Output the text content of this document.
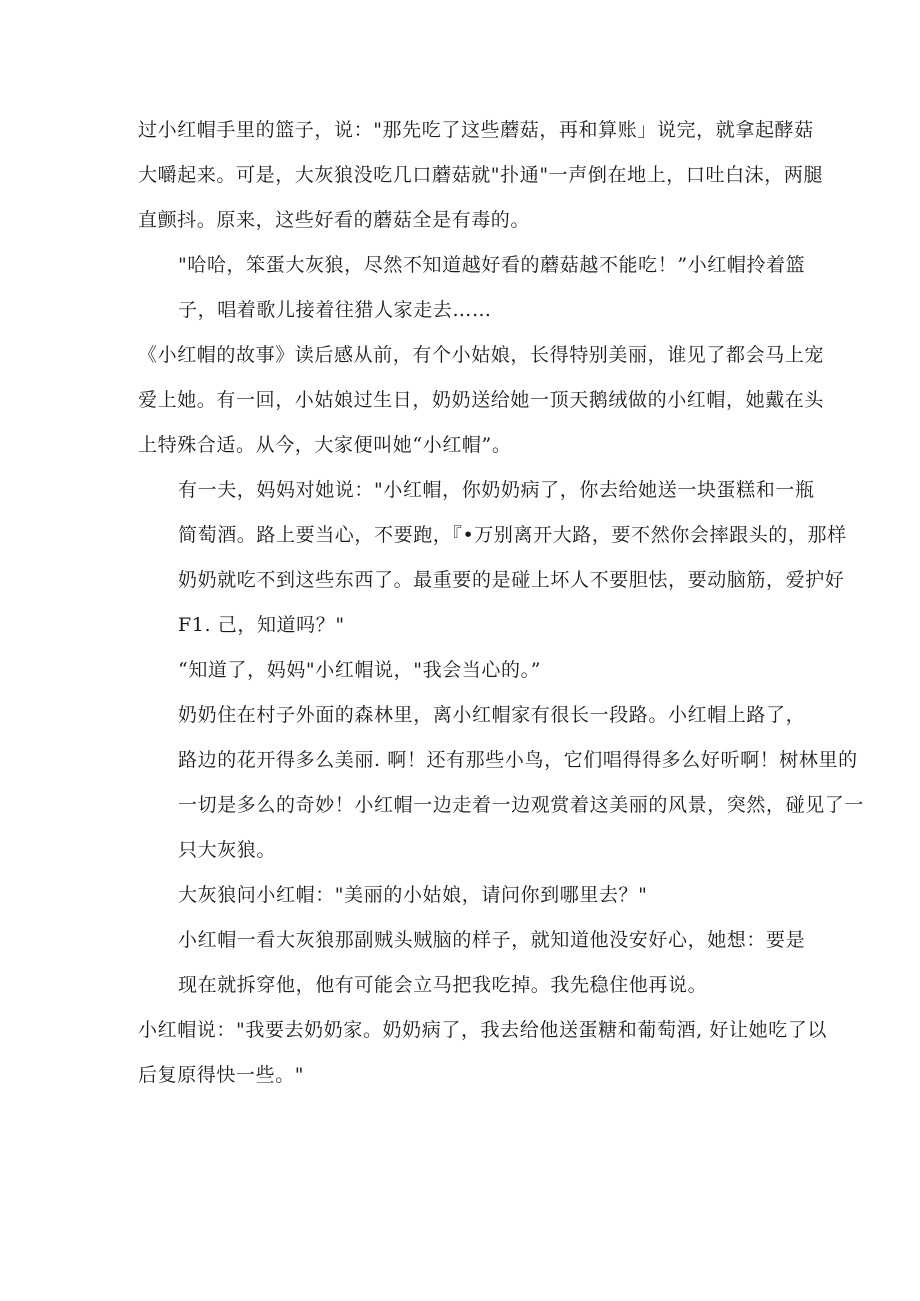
过小红帽手里的篮子，说："那先吃了这些蘑菇，再和算账」说完，就拿起酵菇
大嚼起来。可是，大灰狼没吃几口蘑菇就"扑通"一声倒在地上，口吐白沫，两腿
直颤抖。原来，这些好看的蘑菇全是有毒的。
"哈哈，笨蛋大灰狼，尽然不知道越好看的蘑菇越不能吃！”小红帽拎着篮
子，唱着歌儿接着往猎人家走去……
《小红帽的故事》读后感从前，有个小姑娘，长得特别美丽，谁见了都会马上宠
爱上她。有一回，小姑娘过生日，奶奶送给她一顶天鹅绒做的小红帽，她戴在头
上特殊合适。从今，大家便叫她“小红帽”。
有一夫，妈妈对她说："小红帽，你奶奶病了，你去给她送一块蛋糕和一瓶
简萄酒。路上要当心，不要跑，『•万别离开大路，要不然你会摔跟头的，那样
奶奶就吃不到这些东西了。最重要的是碰上坏人不要胆怯，要动脑筋，爱护好
F1. 己，知道吗？"
“知道了，妈妈"小红帽说，"我会当心的。”
奶奶住在村子外面的森林里，离小红帽家有很长一段路。小红帽上路了，
路边的花开得多么美丽. 啊！还有那些小鸟，它们唱得得多么好听啊！树林里的
一切是多么的奇妙！小红帽一边走着一边观赏着这美丽的风景，突然，碰见了一
只大灰狼。
大灰狼问小红帽："美丽的小姑娘，请问你到哪里去？"
小红帽一看大灰狼那副贼头贼脑的样子，就知道他没安好心，她想：要是
现在就拆穿他，他有可能会立马把我吃掉。我先稳住他再说。
小红帽说："我要去奶奶家。奶奶病了，我去给他送蛋糖和葡萄酒, 好让她吃了以
后复原得快一些。"
